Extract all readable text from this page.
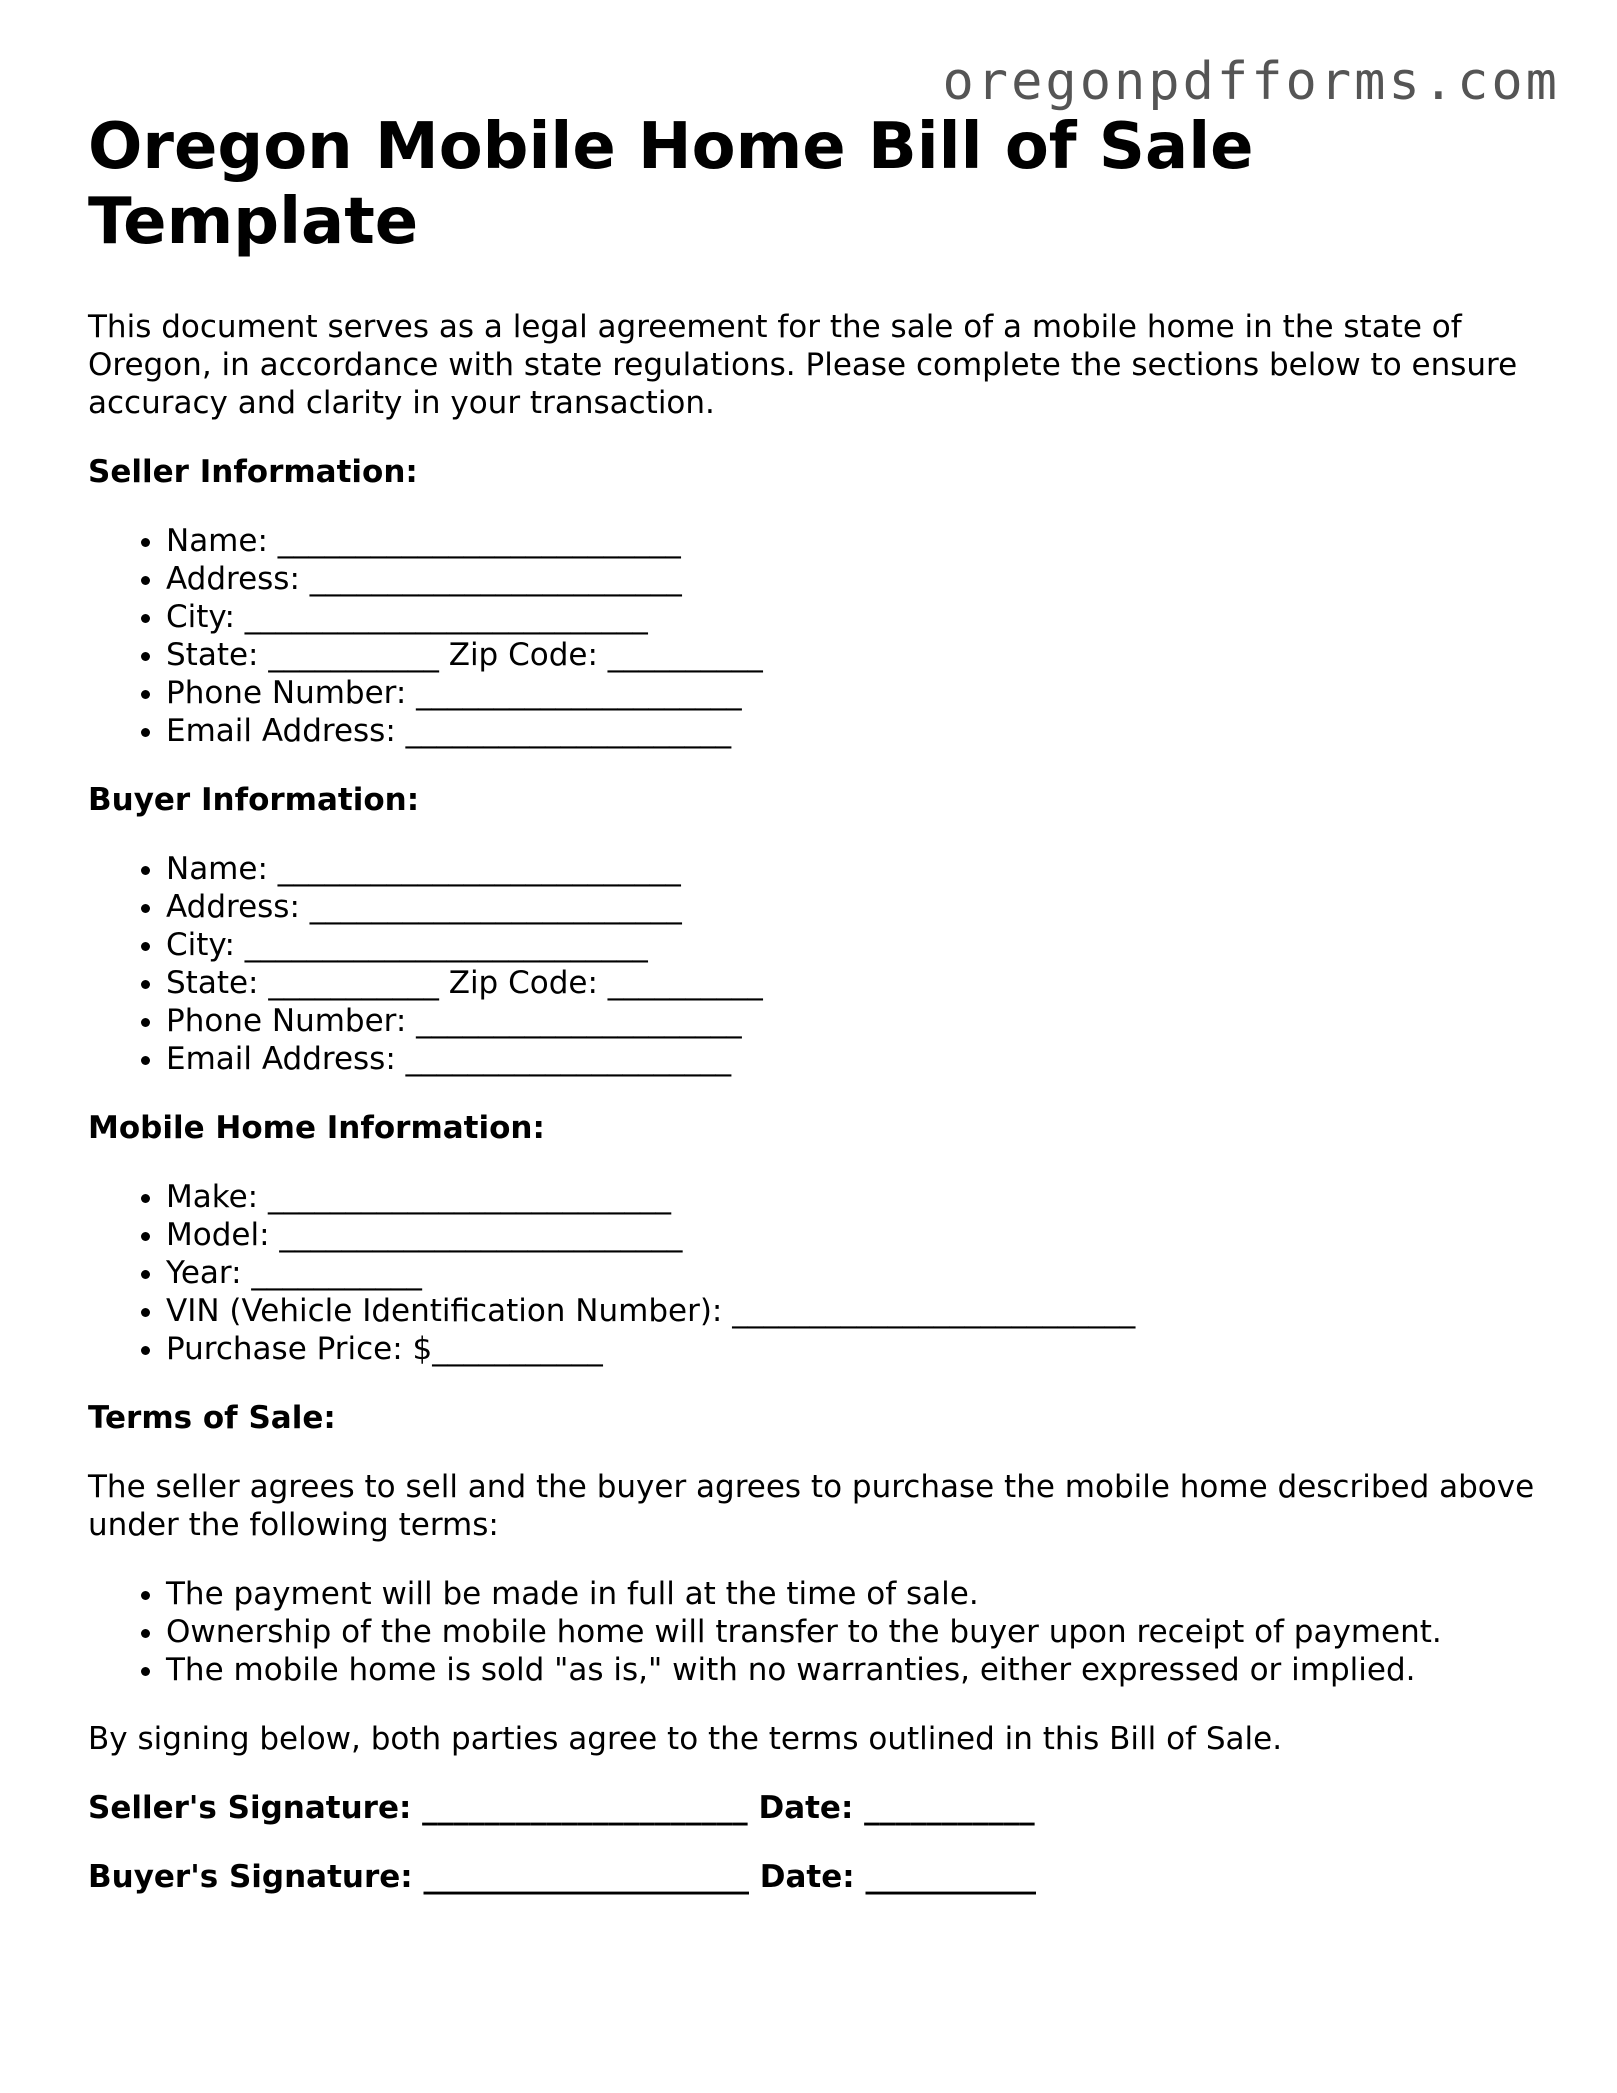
oregonpdfforms.com
Oregon Mobile Home Bill of Sale Template

This document serves as a legal agreement for the sale of a mobile home in the state of Oregon, in accordance with state regulations. Please complete the sections below to ensure accuracy and clarity in your transaction.

Seller Information:
• Name: __________________________
• Address: ________________________
• City: __________________________
• State: ___________ Zip Code: __________
• Phone Number: _____________________
• Email Address: _____________________
Buyer Information:
• Name: __________________________
• Address: ________________________
• City: __________________________
• State: ___________ Zip Code: __________
• Phone Number: _____________________
• Email Address: _____________________
Mobile Home Information:
• Make: __________________________
• Model: __________________________
• Year: ___________
• VIN (Vehicle Identification Number): __________________________
• Purchase Price: $___________
Terms of Sale:

The seller agrees to sell and the buyer agrees to purchase the mobile home described above under the following terms:

• The payment will be made in full at the time of sale.
• Ownership of the mobile home will transfer to the buyer upon receipt of payment.
• The mobile home is sold "as is," with no warranties, either expressed or implied.

By signing below, both parties agree to the terms outlined in this Bill of Sale.

Seller's Signature: _____________________ Date: ___________
Buyer's Signature: _____________________ Date: ___________
